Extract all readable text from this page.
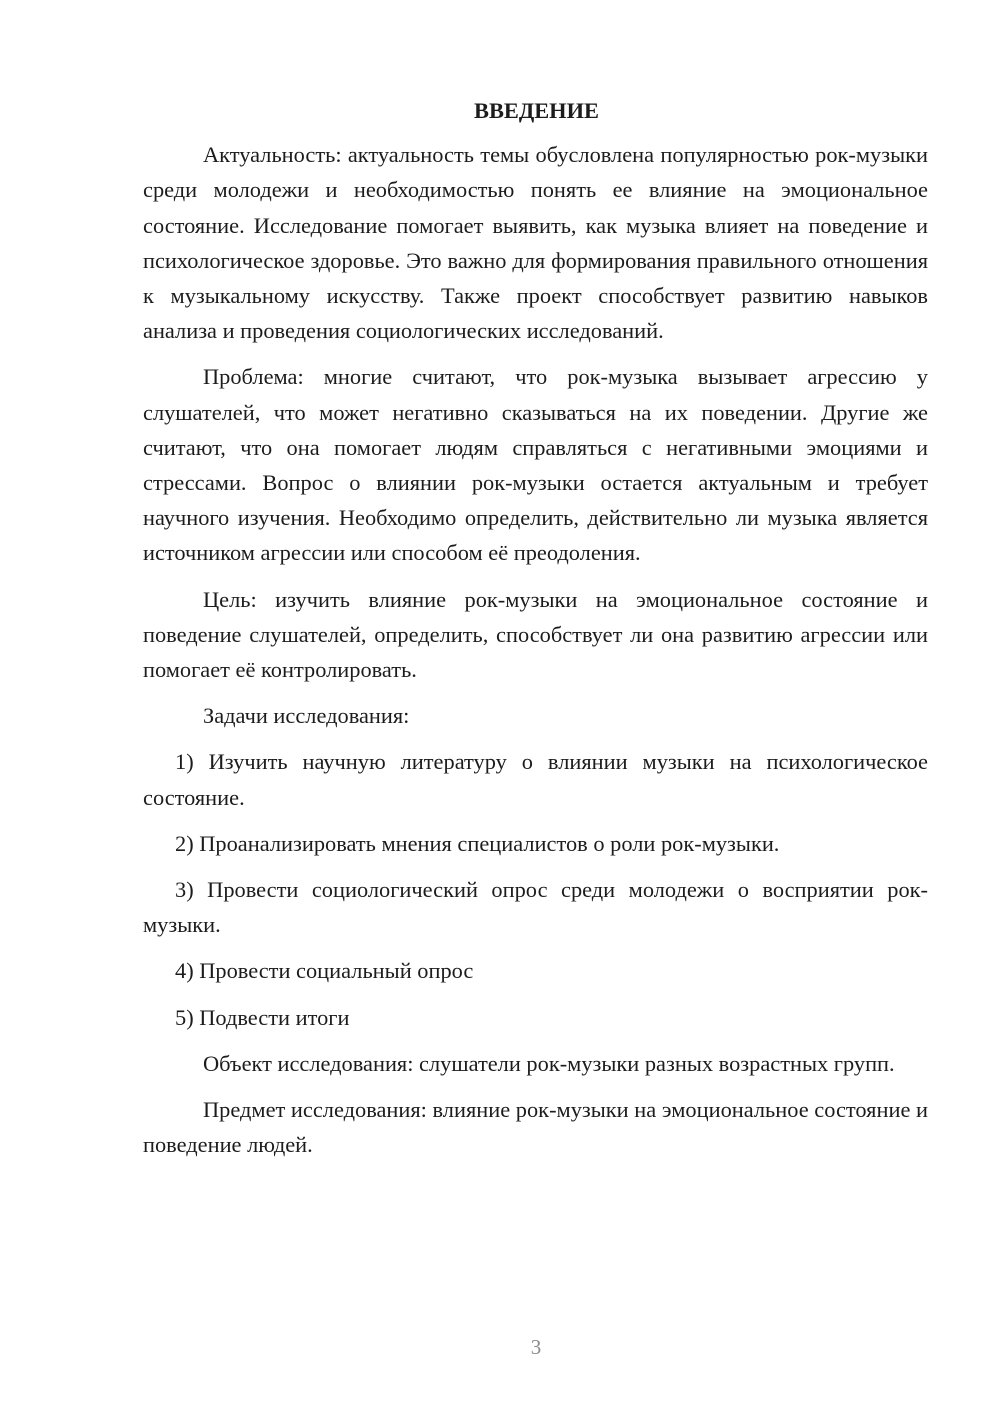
ВВЕДЕНИЕ

Актуальность: актуальность темы обусловлена популярностью рок-музыки среди молодежи и необходимостью понять ее влияние на эмоциональное состояние. Исследование помогает выявить, как музыка влияет на поведение и психологическое здоровье. Это важно для формирования правильного отношения к музыкальному искусству. Также проект способствует развитию навыков анализа и проведения социологических исследований.

Проблема: многие считают, что рок-музыка вызывает агрессию у слушателей, что может негативно сказываться на их поведении. Другие же считают, что она помогает людям справляться с негативными эмоциями и стрессами. Вопрос о влиянии рок-музыки остается актуальным и требует научного изучения. Необходимо определить, действительно ли музыка является источником агрессии или способом её преодоления.

Цель: изучить влияние рок-музыки на эмоциональное состояние и поведение слушателей, определить, способствует ли она развитию агрессии или помогает её контролировать.

Задачи исследования:

1) Изучить научную литературу о влиянии музыки на психологическое состояние.

2) Проанализировать мнения специалистов о роли рок-музыки.

3) Провести социологический опрос среди молодежи о восприятии рок-музыки.

4) Провести социальный опрос

5) Подвести итоги

Объект исследования: слушатели рок-музыки разных возрастных групп.

Предмет исследования: влияние рок-музыки на эмоциональное состояние и поведение людей.

3
